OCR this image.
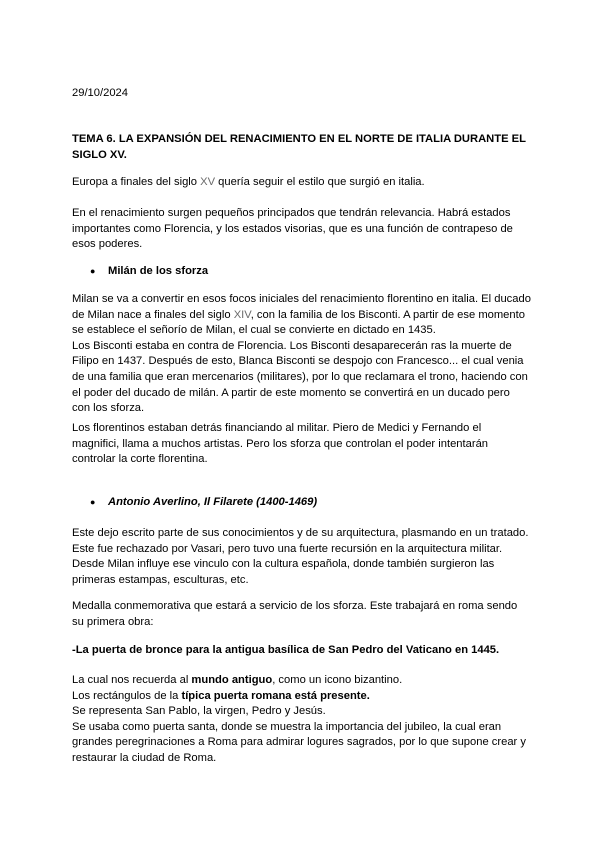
29/10/2024

TEMA 6. LA EXPANSIÓN DEL RENACIMIENTO EN EL NORTE DE ITALIA DURANTE EL
SIGLO XV.

Europa a finales del siglo XV quería seguir el estilo que surgió en italia.

En el renacimiento surgen pequeños principados que tendrán relevancia. Habrá estados
importantes como Florencia, y los estados visorias, que es una función de contrapeso de
esos poderes.

● Milán de los sforza

Milan se va a convertir en esos focos iniciales del renacimiento florentino en italia. El ducado
de Milan nace a finales del siglo XIV, con la familia de los Bisconti. A partir de ese momento
se establece el señorío de Milan, el cual se convierte en dictado en 1435.
Los Bisconti estaba en contra de Florencia. Los Bisconti desaparecerán ras la muerte de
Filipo en 1437. Después de esto, Blanca Bisconti se despojo con Francesco... el cual venia
de una familia que eran mercenarios (militares), por lo que reclamara el trono, haciendo con
el poder del ducado de milán. A partir de este momento se convertirá en un ducado pero
con los sforza.
Los florentinos estaban detrás financiando al militar. Piero de Medici y Fernando el
magnifici, llama a muchos artistas. Pero los sforza que controlan el poder intentarán
controlar la corte florentina.

● Antonio Averlino, Il Filarete (1400-1469)

Este dejo escrito parte de sus conocimientos y de su arquitectura, plasmando en un tratado.
Este fue rechazado por Vasari, pero tuvo una fuerte recursión en la arquitectura militar.
Desde Milan influye ese vinculo con la cultura española, donde también surgieron las
primeras estampas, esculturas, etc.
Medalla conmemorativa que estará a servicio de los sforza. Este trabajará en roma sendo
su primera obra:

-La puerta de bronce para la antigua basílica de San Pedro del Vaticano en 1445.

La cual nos recuerda al mundo antiguo, como un icono bizantino.
Los rectángulos de la típica puerta romana está presente.
Se representa San Pablo, la virgen, Pedro y Jesús.
Se usaba como puerta santa, donde se muestra la importancia del jubileo, la cual eran
grandes peregrinaciones a Roma para admirar logures sagrados, por lo que supone crear y
restaurar la ciudad de Roma.
